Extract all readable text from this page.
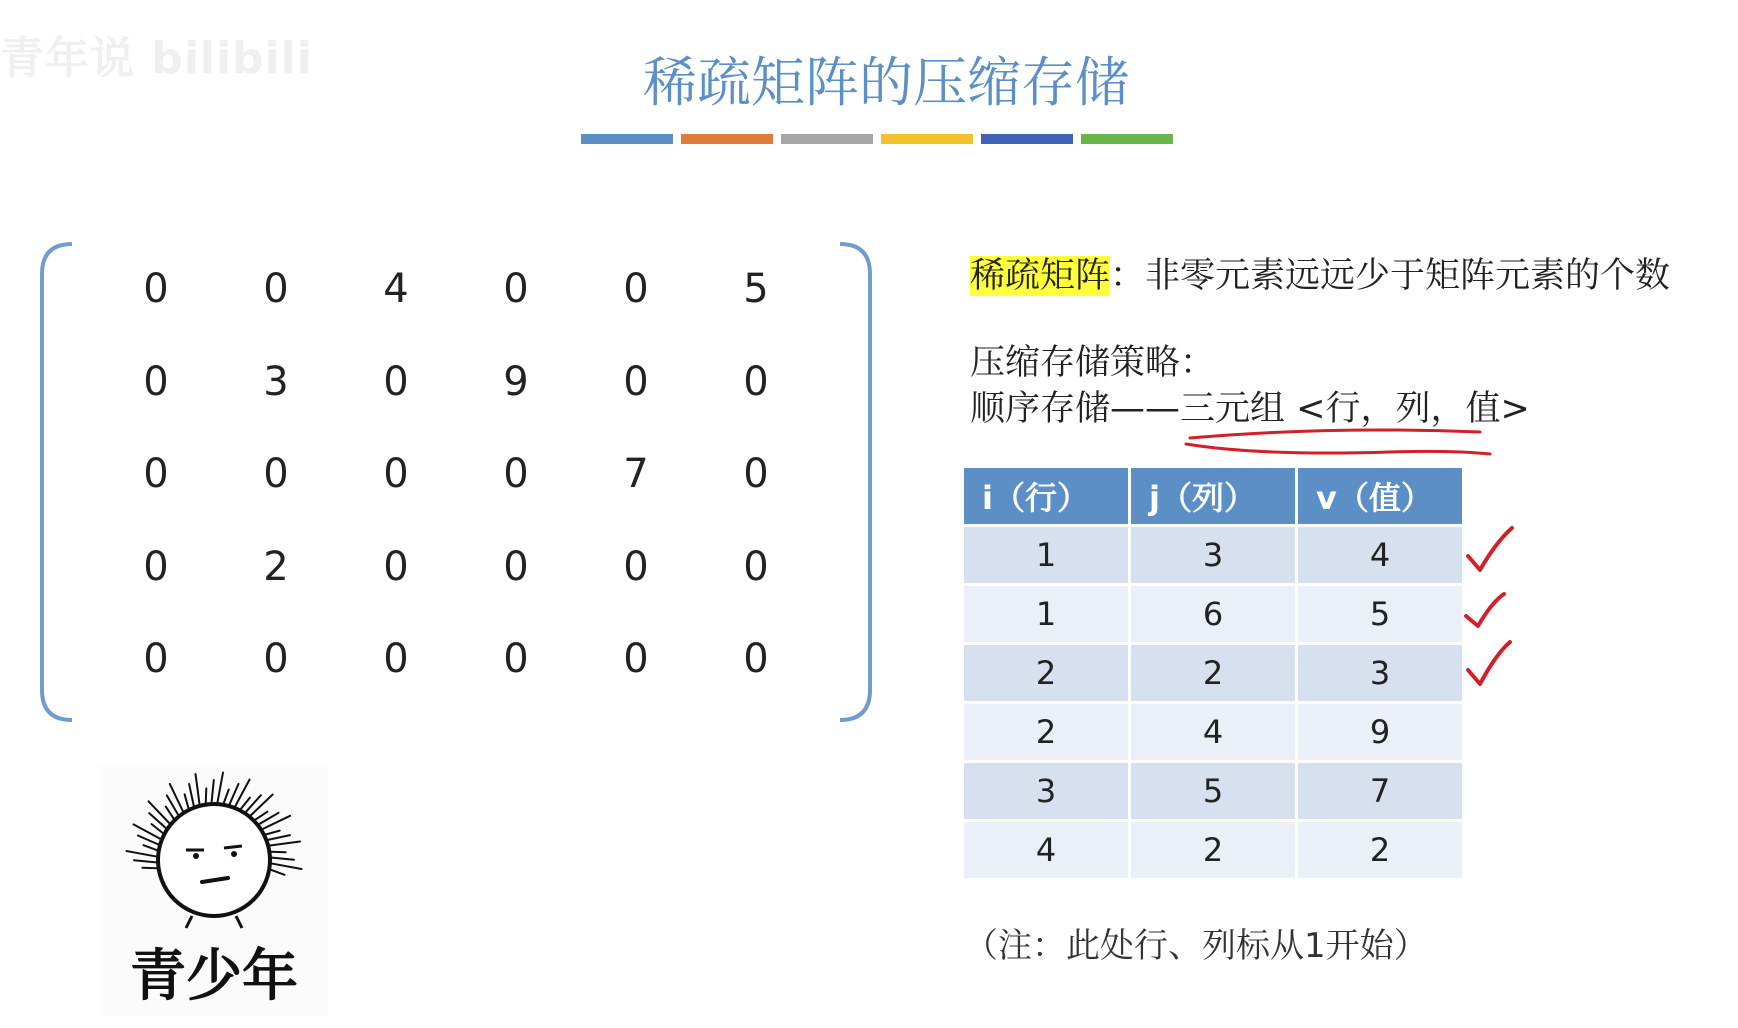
青年说 bilibili	稀疏矩阵的压缩存储
0	0	4	0	0	5
0	3	0	9	0	0
0	0	0	0	7	0
0	2	0	0	0	0
0	0	0	0	0	0
稀疏矩阵：非零元素远远少于矩阵元素的个数
压缩存储策略：
顺序存储——三元组 <行，列，值>
i（行）	j（列）	v（值）
1	3	4
1	6	5
2	2	3
2	4	9
3	5	7
4	2	2
（注：此处行、列标从1开始）
青少年
